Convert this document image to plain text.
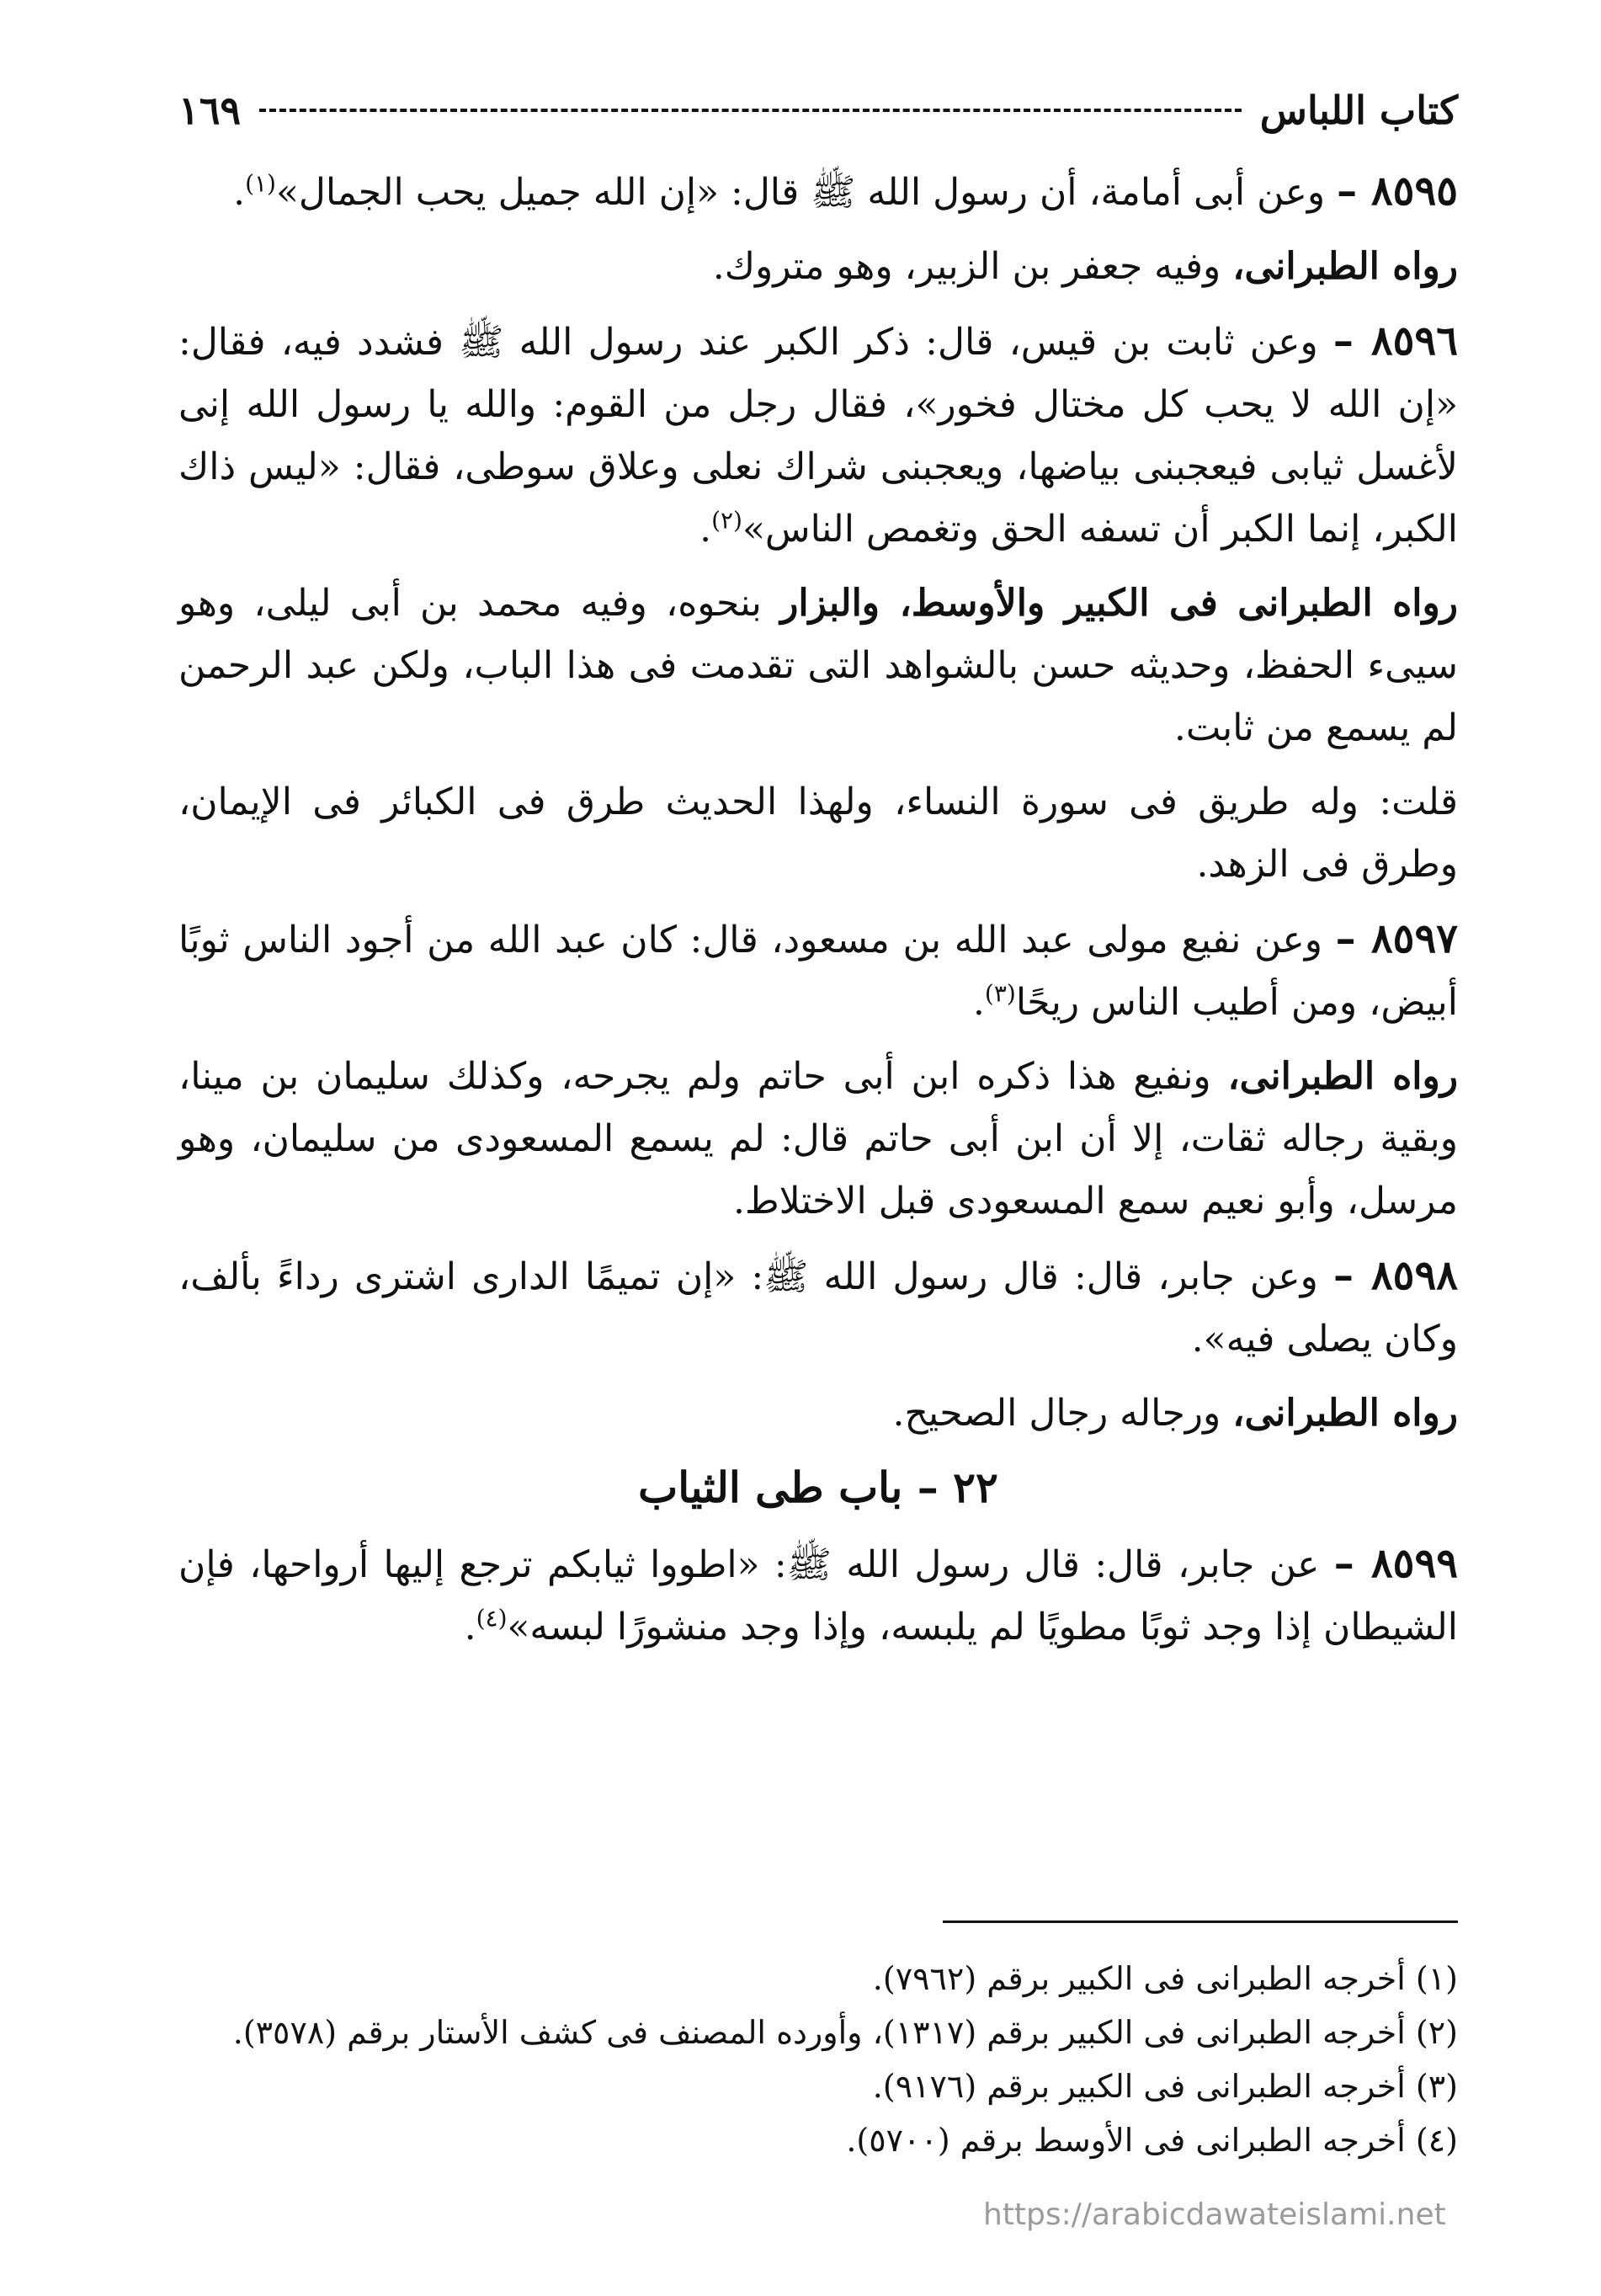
كتاب اللباس
١٦٩

٨٥٩٥ – وعن أبى أمامة، أن رسول الله ﷺ قال: «إن الله جميل يحب الجمال»$^{(١)}$.

رواه الطبرانى، وفيه جعفر بن الزبير، وهو متروك.

٨٥٩٦ – وعن ثابت بن قيس، قال: ذكر الكبر عند رسول الله ﷺ فشدد فيه، فقال: «إن الله لا يحب كل مختال فخور»، فقال رجل من القوم: والله يا رسول الله إنى لأغسل ثيابى فيعجبنى بياضها، ويعجبنى شراك نعلى وعلاق سوطى، فقال: «ليس ذاك الكبر، إنما الكبر أن تسفه الحق وتغمص الناس»$^{(٢)}$.

رواه الطبرانى فى الكبير والأوسط، والبزار بنحوه، وفيه محمد بن أبى ليلى، وهو سيىء الحفظ، وحديثه حسن بالشواهد التى تقدمت فى هذا الباب، ولكن عبد الرحمن لم يسمع من ثابت.

قلت: وله طريق فى سورة النساء، ولهذا الحديث طرق فى الكبائر فى الإيمان، وطرق فى الزهد.

٨٥٩٧ – وعن نفيع مولى عبد الله بن مسعود، قال: كان عبد الله من أجود الناس ثوبًا أبيض، ومن أطيب الناس ريحًا$^{(٣)}$.

رواه الطبرانى، ونفيع هذا ذكره ابن أبى حاتم ولم يجرحه، وكذلك سليمان بن مينا، وبقية رجاله ثقات، إلا أن ابن أبى حاتم قال: لم يسمع المسعودى من سليمان، وهو مرسل، وأبو نعيم سمع المسعودى قبل الاختلاط.

٨٥٩٨ – وعن جابر، قال: قال رسول الله ﷺ: «إن تميمًا الدارى اشترى رداءً بألف، وكان يصلى فيه».

رواه الطبرانى، ورجاله رجال الصحيح.

٢٢ – باب طى الثياب

٨٥٩٩ – عن جابر، قال: قال رسول الله ﷺ: «اطووا ثيابكم ترجع إليها أرواحها، فإن الشيطان إذا وجد ثوبًا مطويًا لم يلبسه، وإذا وجد منشورًا لبسه»$^{(٤)}$.

(١) أخرجه الطبرانى فى الكبير برقم (٧٩٦٢).
(٢) أخرجه الطبرانى فى الكبير برقم (١٣١٧)، وأورده المصنف فى كشف الأستار برقم (٣٥٧٨).
(٣) أخرجه الطبرانى فى الكبير برقم (٩١٧٦).
(٤) أخرجه الطبرانى فى الأوسط برقم (٥٧٠٠).
https://arabicdawateislami.net
